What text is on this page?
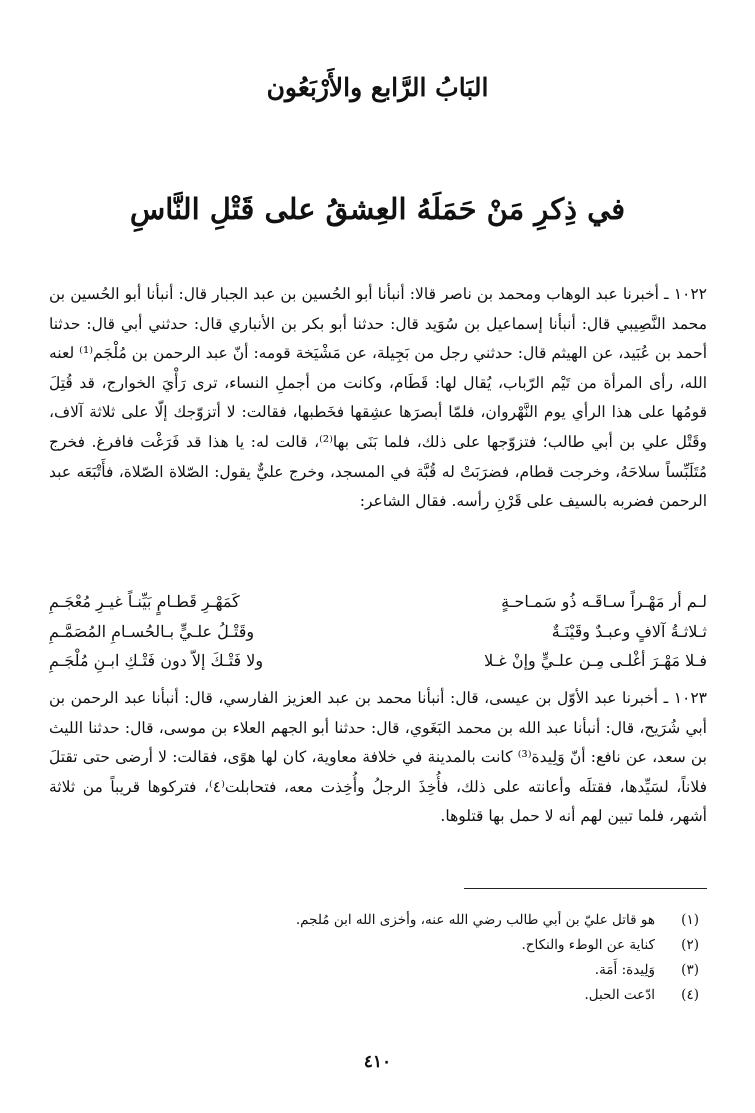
البَابُ الرَّابع والأَرْبَعُون
في ذِكرِ مَنْ حَمَلَهُ العِشقُ على قَتْلِ النَّاسِ

١٠٢٢ ـ أخبرنا عبد الوهاب ومحمد بن ناصر قالا: أنبأنا أبو الحُسين بن عبد الجبار قال: أنبأنا أبو الحُسين بن محمد النَّصِيبي قال: أنبأنا إسماعيل بن سُوَيد قال: حدثنا أبو بكر بن الأنباري قال: حدثني أبي قال: حدثنا أحمد بن عُبَيد، عن الهيثم قال: حدثني رجل من بَجِيلة، عن مَشْيَخة قومه: أنّ عبد الرحمن بن مُلْجَم⁽¹⁾ لعنه الله، رأى المرأة من تَيْم الرّباب، يُقال لها: قَطَام، وكانت من أجملِ النساء، ترى رَأْيَ الخوارج، قد قُتِلَ قومُها على هذا الرأي يوم النَّهْروان، فلمّا أبصرَها عشِقها فخَطبها، فقالت: لا أتزوّجك إلّا على ثلاثة آلاف، وقَتْل علي بن أبي طالب؛ فتزوّجها على ذلك، فلما بَنَى بها⁽²⁾، قالت له: يا هذا قد فَرَغْت فافرغ. فخرج مُتَلَبِّساً سلاحَهُ، وخرجت قطام، فضرَبَتْ له قُبَّة في المسجد، وخرج عليٌّ يقول: الصّلاة الصّلاة، فأَتْبَعَه عبد الرحمن فضربه بالسيف على قَرْنِ رأسه. فقال الشاعر:

لـم أر مَهْـراً سـاقَـه ذُو سَمـاحـةٍ
كَمَهْـرِ قَطـامٍ بَيِّنـاً غيـرِ مُعْجَـمِ
ثـلاثـةُ آلافٍ وعبـدٌ وقَيْنَـةٌ
وقَتْـلُ علـيٍّ بـالحُسـامِ المُصَمَّـمِ
فـلا مَهْـرَ أغْلـى مِـن علـيٍّ وإنْ غـلا
ولا فَتْـكَ إلاّ دون فَتْـكِ ابـنِ مُلْجَـمِ

١٠٢٣ ـ أخبرنا عبد الأوّل بن عيسى، قال: أنبأنا محمد بن عبد العزيز الفارسي، قال: أنبأنا عبد الرحمن بن أبي شُرَيح، قال: أنبأنا عبد الله بن محمد البَغَوي، قال: حدثنا أبو الجهم العلاء بن موسى، قال: حدثنا الليث بن سعد، عن نافع: أنّ وَلِيدة⁽³⁾ كانت بالمدينة في خلافة معاوية، كان لها هوًى، فقالت: لا أرضى حتى تقتلَ فلاناً، لسَيِّدها، فقتلَه وأعانته على ذلك، فأُخِذَ الرجلُ وأُخِذت معه، فتحابلت⁽٤⁾، فتركوها قريباً من ثلاثة أشهر، فلما تبين لهم أنه لا حمل بها قتلوها.

(١)
هو قاتل عليّ بن أبي طالب رضي الله عنه، وأخزى الله ابن مُلجم.
(٢)
كناية عن الوطء والنكاح.
(٣)
وَلِيدة: أَمَة.
(٤)
ادّعت الحبل.
٤١٠
